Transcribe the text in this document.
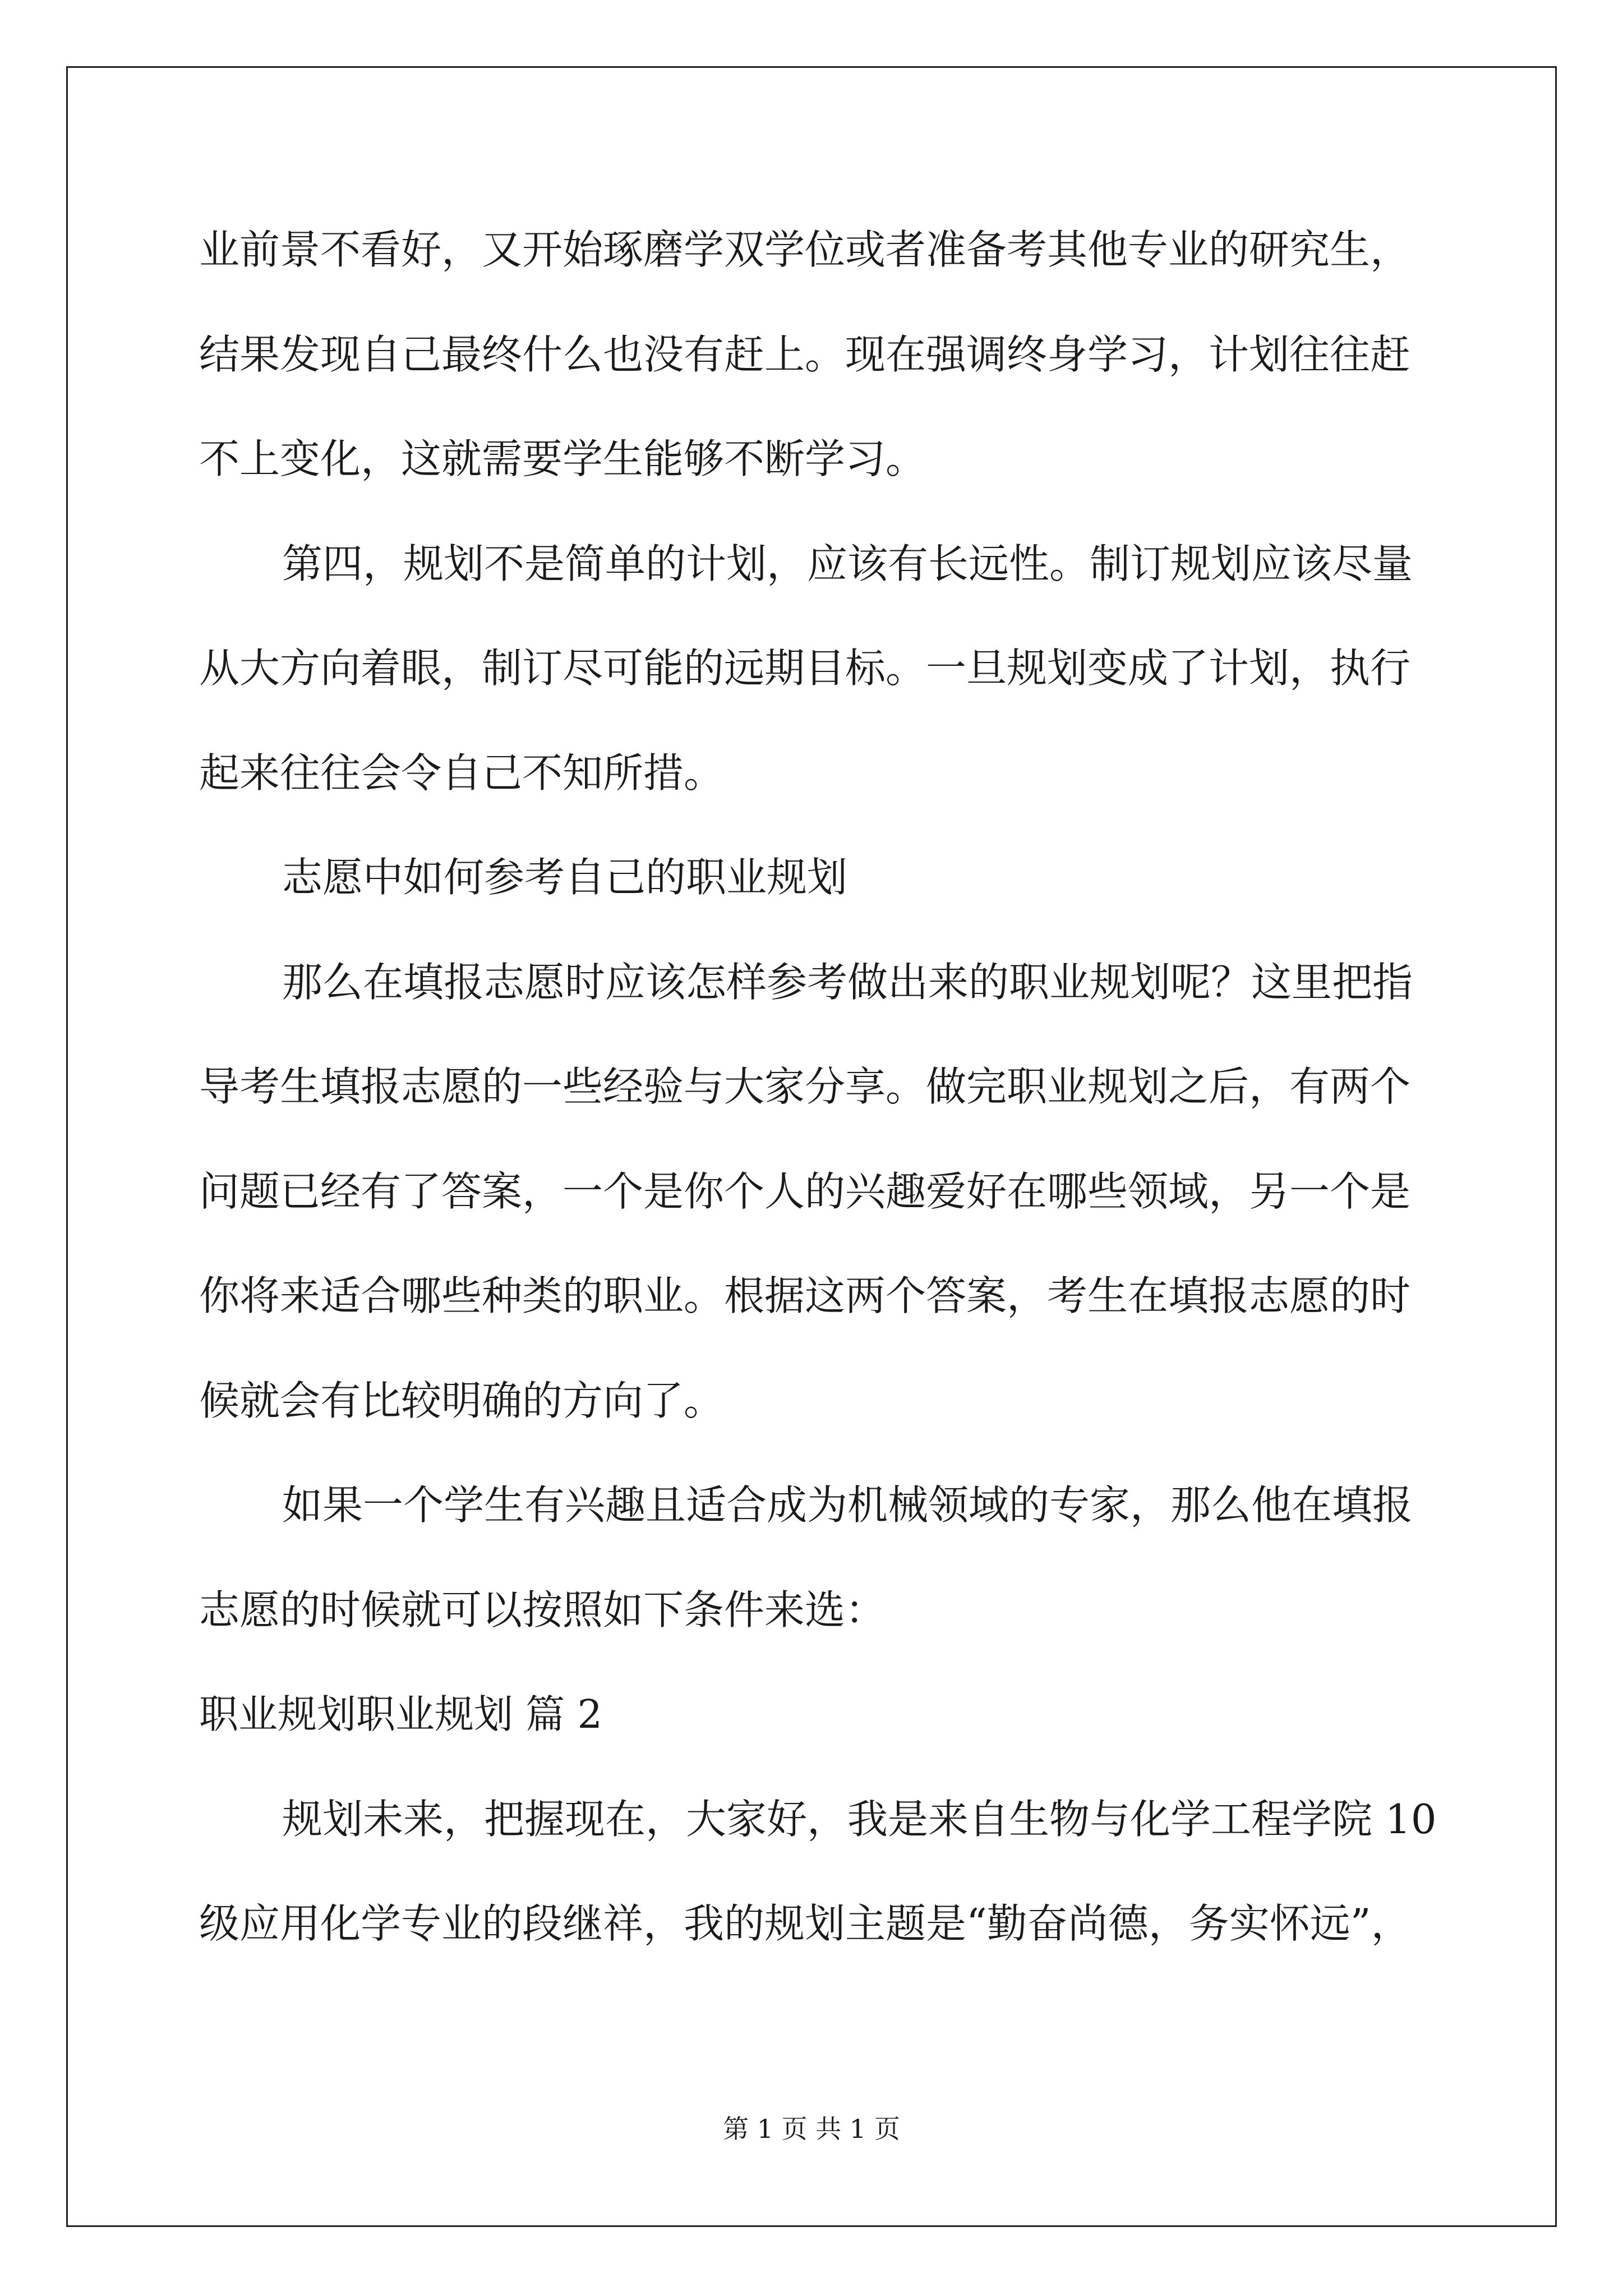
业前景不看好，又开始琢磨学双学位或者准备考其他专业的研究生，
结果发现自己最终什么也没有赶上。现在强调终身学习，计划往往赶
不上变化，这就需要学生能够不断学习。
第四，规划不是简单的计划，应该有长远性。制订规划应该尽量
从大方向着眼，制订尽可能的远期目标。一旦规划变成了计划，执行
起来往往会令自己不知所措。
志愿中如何参考自己的职业规划
那么在填报志愿时应该怎样参考做出来的职业规划呢？这里把指
导考生填报志愿的一些经验与大家分享。做完职业规划之后，有两个
问题已经有了答案，一个是你个人的兴趣爱好在哪些领域，另一个是
你将来适合哪些种类的职业。根据这两个答案，考生在填报志愿的时
候就会有比较明确的方向了。
如果一个学生有兴趣且适合成为机械领域的专家，那么他在填报
志愿的时候就可以按照如下条件来选：
职业规划职业规划 篇 2
规划未来，把握现在，大家好，我是来自生物与化学工程学院 10
级应用化学专业的段继祥，我的规划主题是“勤奋尚德，务实怀远”，
第 1 页 共 1 页
